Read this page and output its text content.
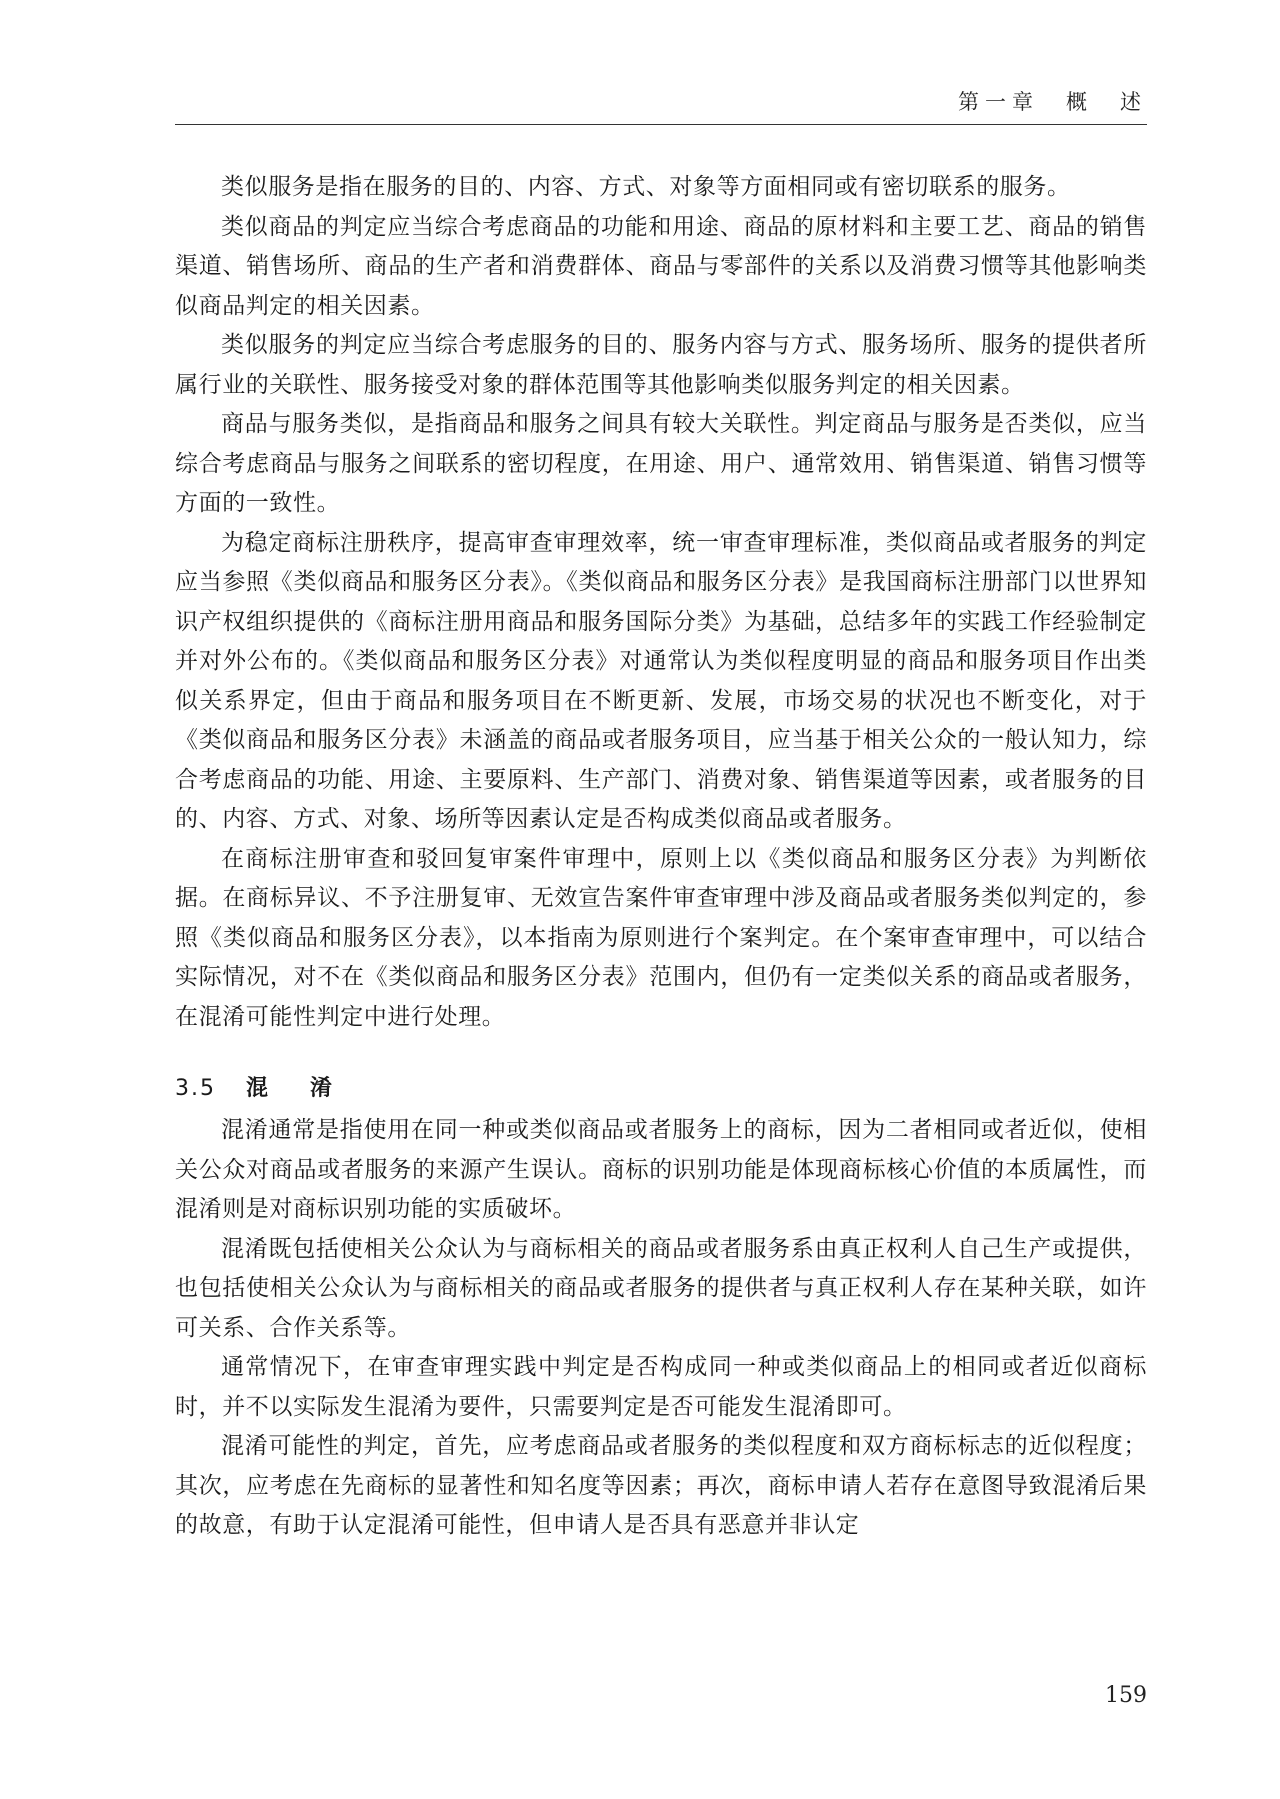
第一章　概　述

类似服务是指在服务的目的、内容、方式、对象等方面相同或有密切联系的服务。

类似商品的判定应当综合考虑商品的功能和用途、商品的原材料和主要工艺、商品的销售渠道、销售场所、商品的生产者和消费群体、商品与零部件的关系以及消费习惯等其他影响类似商品判定的相关因素。

类似服务的判定应当综合考虑服务的目的、服务内容与方式、服务场所、服务的提供者所属行业的关联性、服务接受对象的群体范围等其他影响类似服务判定的相关因素。

商品与服务类似，是指商品和服务之间具有较大关联性。判定商品与服务是否类似，应当综合考虑商品与服务之间联系的密切程度，在用途、用户、通常效用、销售渠道、销售习惯等方面的一致性。

为稳定商标注册秩序，提高审查审理效率，统一审查审理标准，类似商品或者服务的判定应当参照《类似商品和服务区分表》。《类似商品和服务区分表》是我国商标注册部门以世界知识产权组织提供的《商标注册用商品和服务国际分类》为基础，总结多年的实践工作经验制定并对外公布的。《类似商品和服务区分表》对通常认为类似程度明显的商品和服务项目作出类似关系界定，但由于商品和服务项目在不断更新、发展，市场交易的状况也不断变化，对于《类似商品和服务区分表》未涵盖的商品或者服务项目，应当基于相关公众的一般认知力，综合考虑商品的功能、用途、主要原料、生产部门、消费对象、销售渠道等因素，或者服务的目的、内容、方式、对象、场所等因素认定是否构成类似商品或者服务。

在商标注册审查和驳回复审案件审理中，原则上以《类似商品和服务区分表》为判断依据。在商标异议、不予注册复审、无效宣告案件审查审理中涉及商品或者服务类似判定的，参照《类似商品和服务区分表》，以本指南为原则进行个案判定。在个案审查审理中，可以结合实际情况，对不在《类似商品和服务区分表》范围内，但仍有一定类似关系的商品或者服务，在混淆可能性判定中进行处理。

3.5 混　淆

混淆通常是指使用在同一种或类似商品或者服务上的商标，因为二者相同或者近似，使相关公众对商品或者服务的来源产生误认。商标的识别功能是体现商标核心价值的本质属性，而混淆则是对商标识别功能的实质破坏。

混淆既包括使相关公众认为与商标相关的商品或者服务系由真正权利人自己生产或提供，也包括使相关公众认为与商标相关的商品或者服务的提供者与真正权利人存在某种关联，如许可关系、合作关系等。

通常情况下，在审查审理实践中判定是否构成同一种或类似商品上的相同或者近似商标时，并不以实际发生混淆为要件，只需要判定是否可能发生混淆即可。

混淆可能性的判定，首先，应考虑商品或者服务的类似程度和双方商标标志的近似程度；其次，应考虑在先商标的显著性和知名度等因素；再次，商标申请人若存在意图导致混淆后果的故意，有助于认定混淆可能性，但申请人是否具有恶意并非认定

159
